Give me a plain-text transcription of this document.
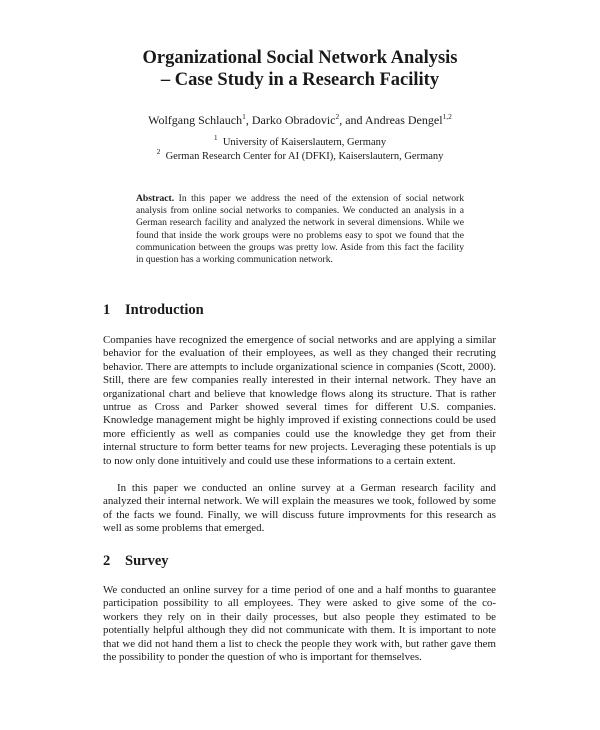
Organizational Social Network Analysis
– Case Study in a Research Facility
Wolfgang Schlauch$^1$, Darko Obradovic$^2$, and Andreas Dengel$^{1,2}$
$^1$ University of Kaiserslautern, Germany
$^2$ German Research Center for AI (DFKI), Kaiserslautern, Germany
Abstract. In this paper we address the need of the extension of social network analysis from online social networks to companies. We conducted an analysis in a German research facility and analyzed the network in several dimensions. While we found that inside the work groups were no problems easy to spot we found that the communication between the groups was pretty low. Aside from this fact the facility in question has a working communication network.
1 Introduction

Companies have recognized the emergence of social networks and are applying a similar behavior for the evaluation of their employees, as well as they changed their recruting behavior. There are attempts to include organizational science in companies (Scott, 2000). Still, there are few companies really interested in their internal network. They have an organizational chart and believe that knowledge flows along its structure. That is rather untrue as Cross and Parker showed several times for different U.S. companies. Knowledge management might be highly improved if existing connections could be used more efficiently as well as companies could use the knowledge they get from their internal structure to form better teams for new projects. Leveraging these potentials is up to now only done intuitively and could use these informations to a certain extent.

In this paper we conducted an online survey at a German research facility and analyzed their internal network. We will explain the measures we took, followed by some of the facts we found. Finally, we will discuss future improvments for this research as well as some problems that emerged.

2 Survey

We conducted an online survey for a time period of one and a half months to guarantee participation possibility to all employees. They were asked to give some of the co-workers they rely on in their daily processes, but also people they estimated to be potentially helpful although they did not communicate with them. It is important to note that we did not hand them a list to check the people they work with, but rather gave them the possibility to ponder the question of who is important for themselves.
